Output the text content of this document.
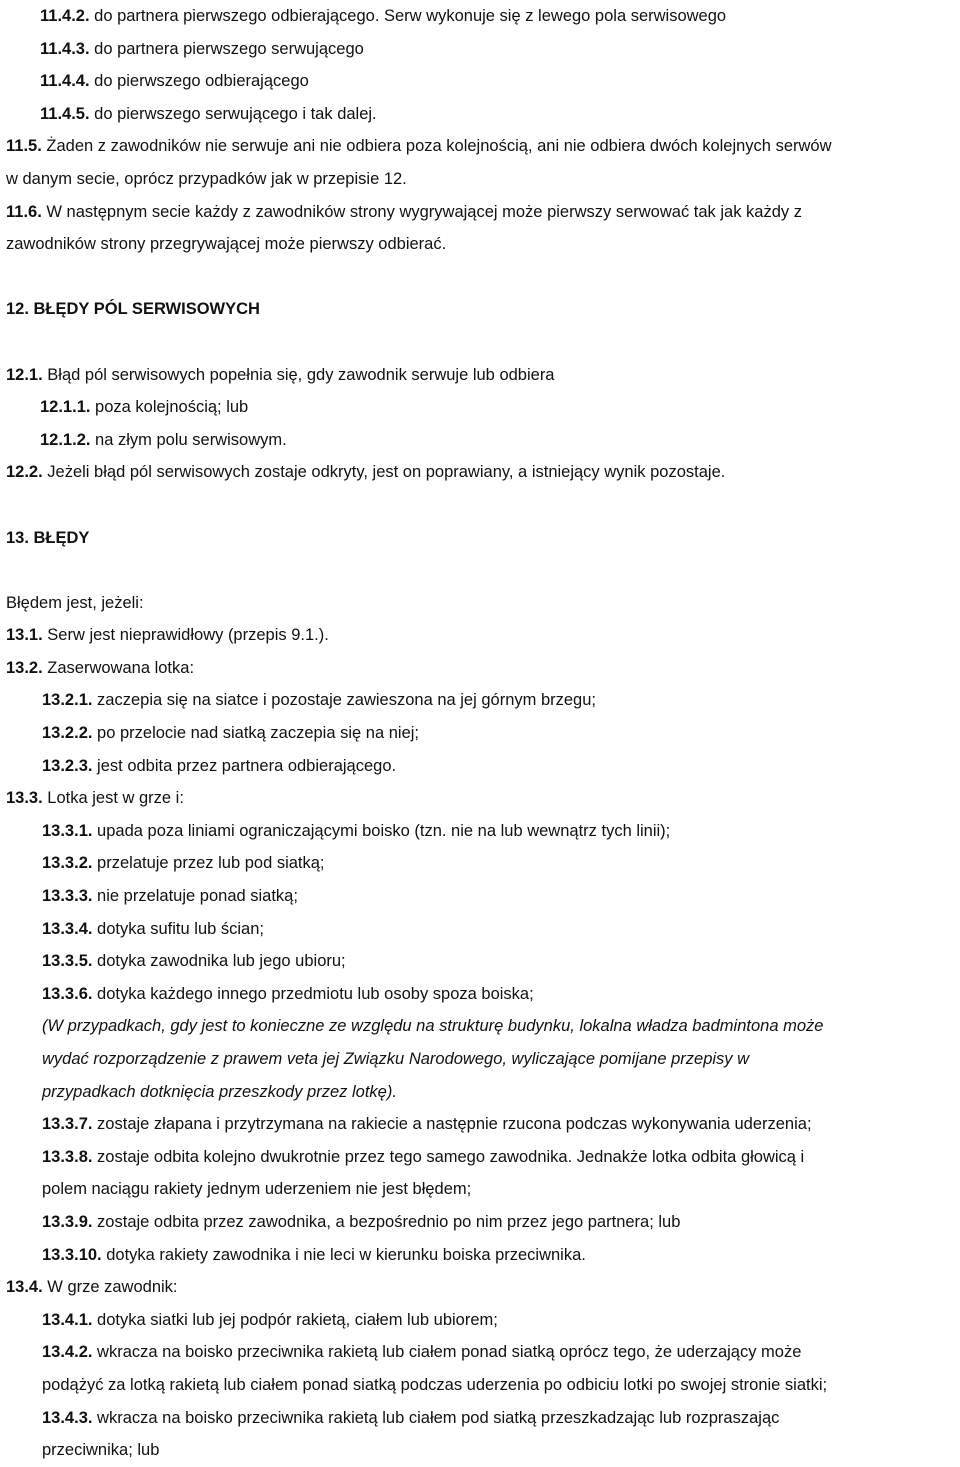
11.4.2. do partnera pierwszego odbierającego. Serw wykonuje się z lewego pola serwisowego
11.4.3. do partnera pierwszego serwującego
11.4.4. do pierwszego odbierającego
11.4.5. do pierwszego serwującego i tak dalej.
11.5. Żaden z zawodników nie serwuje ani nie odbiera poza kolejnością, ani nie odbiera dwóch kolejnych serwów
w danym secie, oprócz przypadków jak w przepisie 12.
11.6. W następnym secie każdy z zawodników strony wygrywającej może pierwszy serwować tak jak każdy z
zawodników strony przegrywającej może pierwszy odbierać.
12. BŁĘDY PÓL SERWISOWYCH
12.1. Błąd pól serwisowych popełnia się, gdy zawodnik serwuje lub odbiera
12.1.1. poza kolejnością; lub
12.1.2. na złym polu serwisowym.
12.2. Jeżeli błąd pól serwisowych zostaje odkryty, jest on poprawiany, a istniejący wynik pozostaje.
13. BŁĘDY
Błędem jest, jeżeli:
13.1. Serw jest nieprawidłowy (przepis 9.1.).
13.2. Zaserwowana lotka:
13.2.1. zaczepia się na siatce i pozostaje zawieszona na jej górnym brzegu;
13.2.2. po przelocie nad siatką zaczepia się na niej;
13.2.3. jest odbita przez partnera odbierającego.
13.3. Lotka jest w grze i:
13.3.1. upada poza liniami ograniczającymi boisko (tzn. nie na lub wewnątrz tych linii);
13.3.2. przelatuje przez lub pod siatką;
13.3.3. nie przelatuje ponad siatką;
13.3.4. dotyka sufitu lub ścian;
13.3.5. dotyka zawodnika lub jego ubioru;
13.3.6. dotyka każdego innego przedmiotu lub osoby spoza boiska;
(W przypadkach, gdy jest to konieczne ze względu na strukturę budynku, lokalna władza badmintona może
wydać rozporządzenie z prawem veta jej Związku Narodowego, wyliczające pomijane przepisy w
przypadkach dotknięcia przeszkody przez lotkę).
13.3.7. zostaje złapana i przytrzymana na rakiecie a następnie rzucona podczas wykonywania uderzenia;
13.3.8. zostaje odbita kolejno dwukrotnie przez tego samego zawodnika. Jednakże lotka odbita głowicą i
polem naciągu rakiety jednym uderzeniem nie jest błędem;
13.3.9. zostaje odbita przez zawodnika, a bezpośrednio po nim przez jego partnera; lub
13.3.10. dotyka rakiety zawodnika i nie leci w kierunku boiska przeciwnika.
13.4. W grze zawodnik:
13.4.1. dotyka siatki lub jej podpór rakietą, ciałem lub ubiorem;
13.4.2. wkracza na boisko przeciwnika rakietą lub ciałem ponad siatką oprócz tego, że uderzający może
podążyć za lotką rakietą lub ciałem ponad siatką podczas uderzenia po odbiciu lotki po swojej stronie siatki;
13.4.3. wkracza na boisko przeciwnika rakietą lub ciałem pod siatką przeszkadzając lub rozpraszając
przeciwnika; lub
